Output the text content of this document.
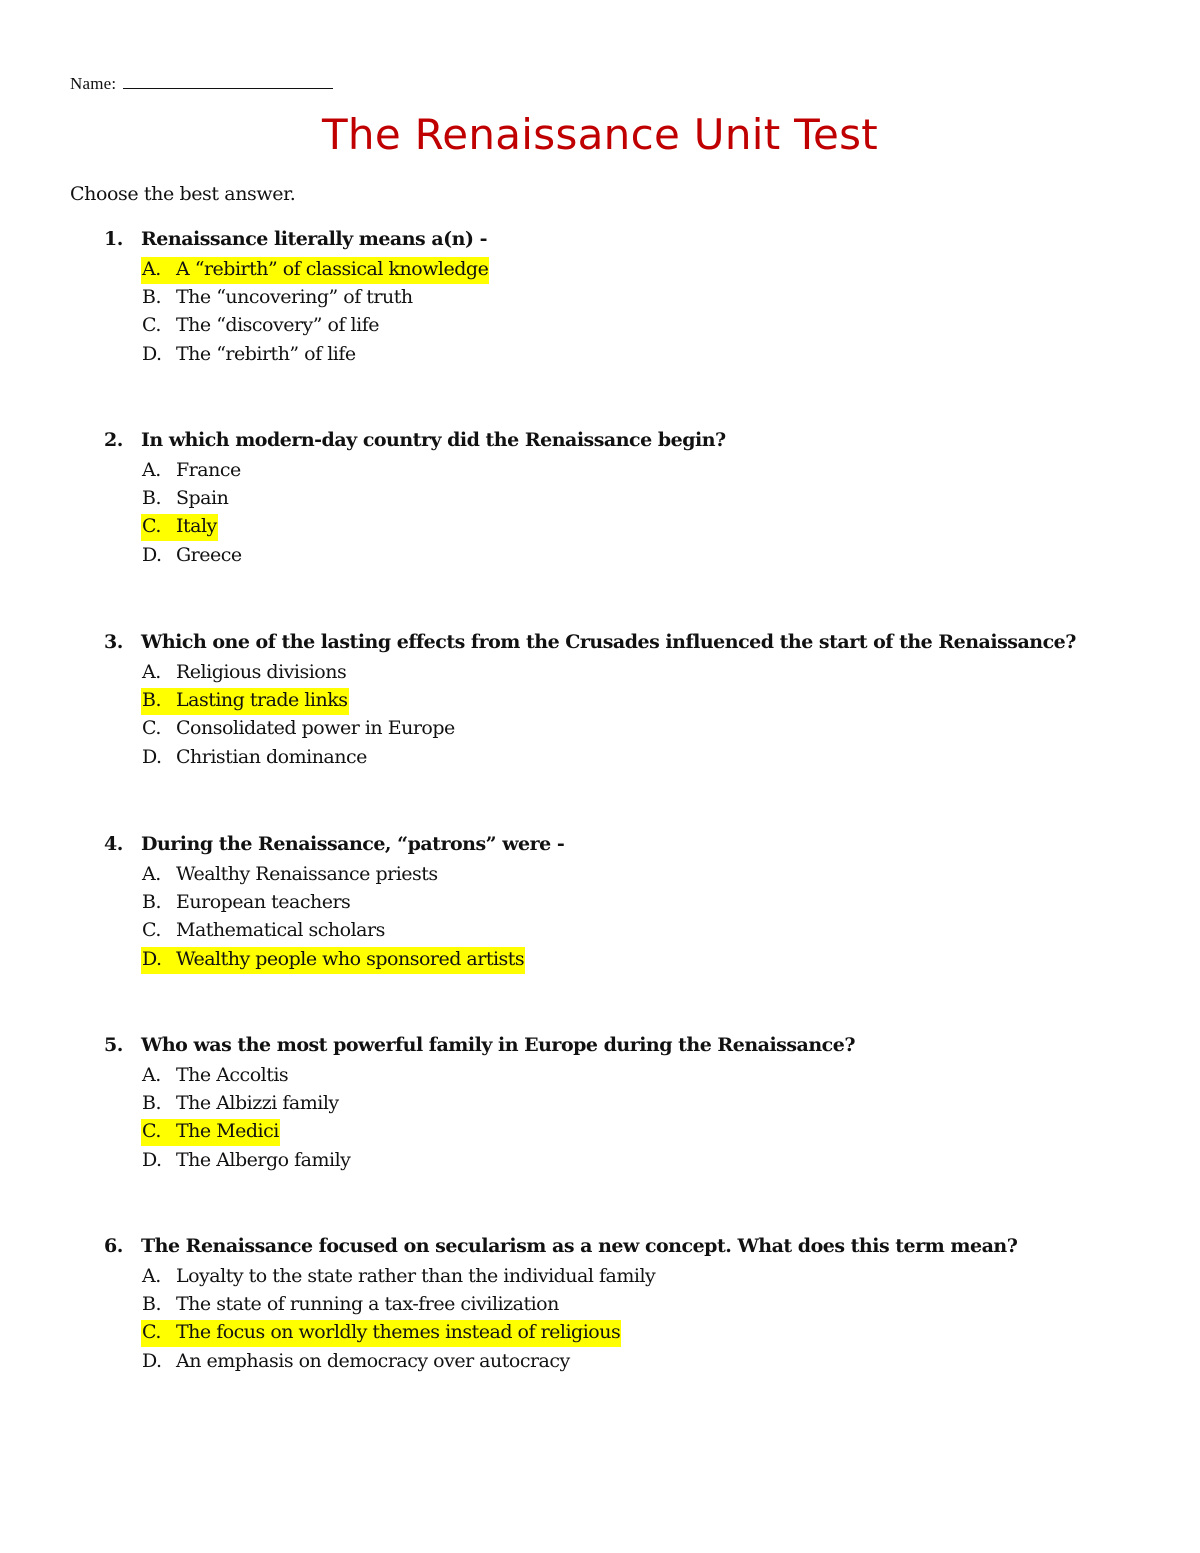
Name:
The Renaissance Unit Test
Choose the best answer.
1. Renaissance literally means a(n) -
A. A “rebirth” of classical knowledge
B. The “uncovering” of truth
C. The “discovery” of life
D. The “rebirth” of life
2. In which modern-day country did the Renaissance begin?
A. France
B. Spain
C. Italy
D. Greece
3. Which one of the lasting effects from the Crusades influenced the start of the Renaissance?
A. Religious divisions
B. Lasting trade links
C. Consolidated power in Europe
D. Christian dominance
4. During the Renaissance, “patrons” were -
A. Wealthy Renaissance priests
B. European teachers
C. Mathematical scholars
D. Wealthy people who sponsored artists
5. Who was the most powerful family in Europe during the Renaissance?
A. The Accoltis
B. The Albizzi family
C. The Medici
D. The Albergo family
6. The Renaissance focused on secularism as a new concept. What does this term mean?
A. Loyalty to the state rather than the individual family
B. The state of running a tax-free civilization
C. The focus on worldly themes instead of religious
D. An emphasis on democracy over autocracy
